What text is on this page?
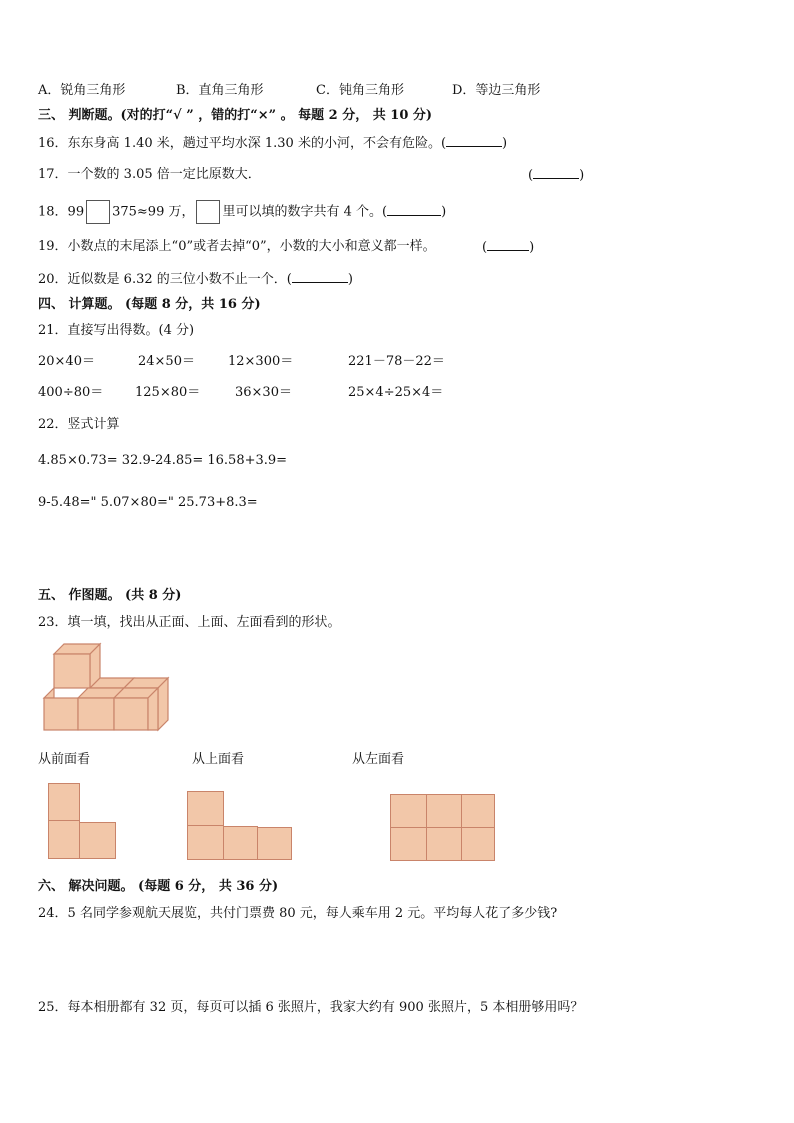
A．锐角三角形	B．直角三角形	C．钝角三角形	D．等边三角形
三、 判断题。(对的打“√ ” ，错的打“×” 。 每题 2 分， 共 10 分)
16．东东身高 1.40 米，趟过平均水深 1.30 米的小河，不会有危险。(	)
17．一个数的 3.05 倍一定比原数大．	(	)
18．99 375≈99 万， 里可以填的数字共有 4 个。(	)
19．小数点的末尾添上“0”或者去掉“0”，小数的大小和意义都一样。	(	)
20．近似数是 6.32 的三位小数不止一个．(	)
四、 计算题。 (每题 8 分，共 16 分)
21．直接写出得数。(4 分)
20×40＝	24×50＝	12×300＝	221－78－22＝
400÷80＝ 125×80＝	36×30＝	25×4÷25×4＝
22．竖式计算
4.85×0.73= 32.9-24.85= 16.58+3.9=
9-5.48=" 5.07×80=" 25.73+8.3=
五、 作图题。 (共 8 分)
23．填一填，找出从正面、上面、左面看到的形状。
从前面看	从上面看	从左面看
六、 解决问题。 (每题 6 分， 共 36 分)
24．5 名同学参观航天展览，共付门票费 80 元，每人乘车用 2 元。平均每人花了多少钱?
25．每本相册都有 32 页，每页可以插 6 张照片，我家大约有 900 张照片，5 本相册够用吗？
